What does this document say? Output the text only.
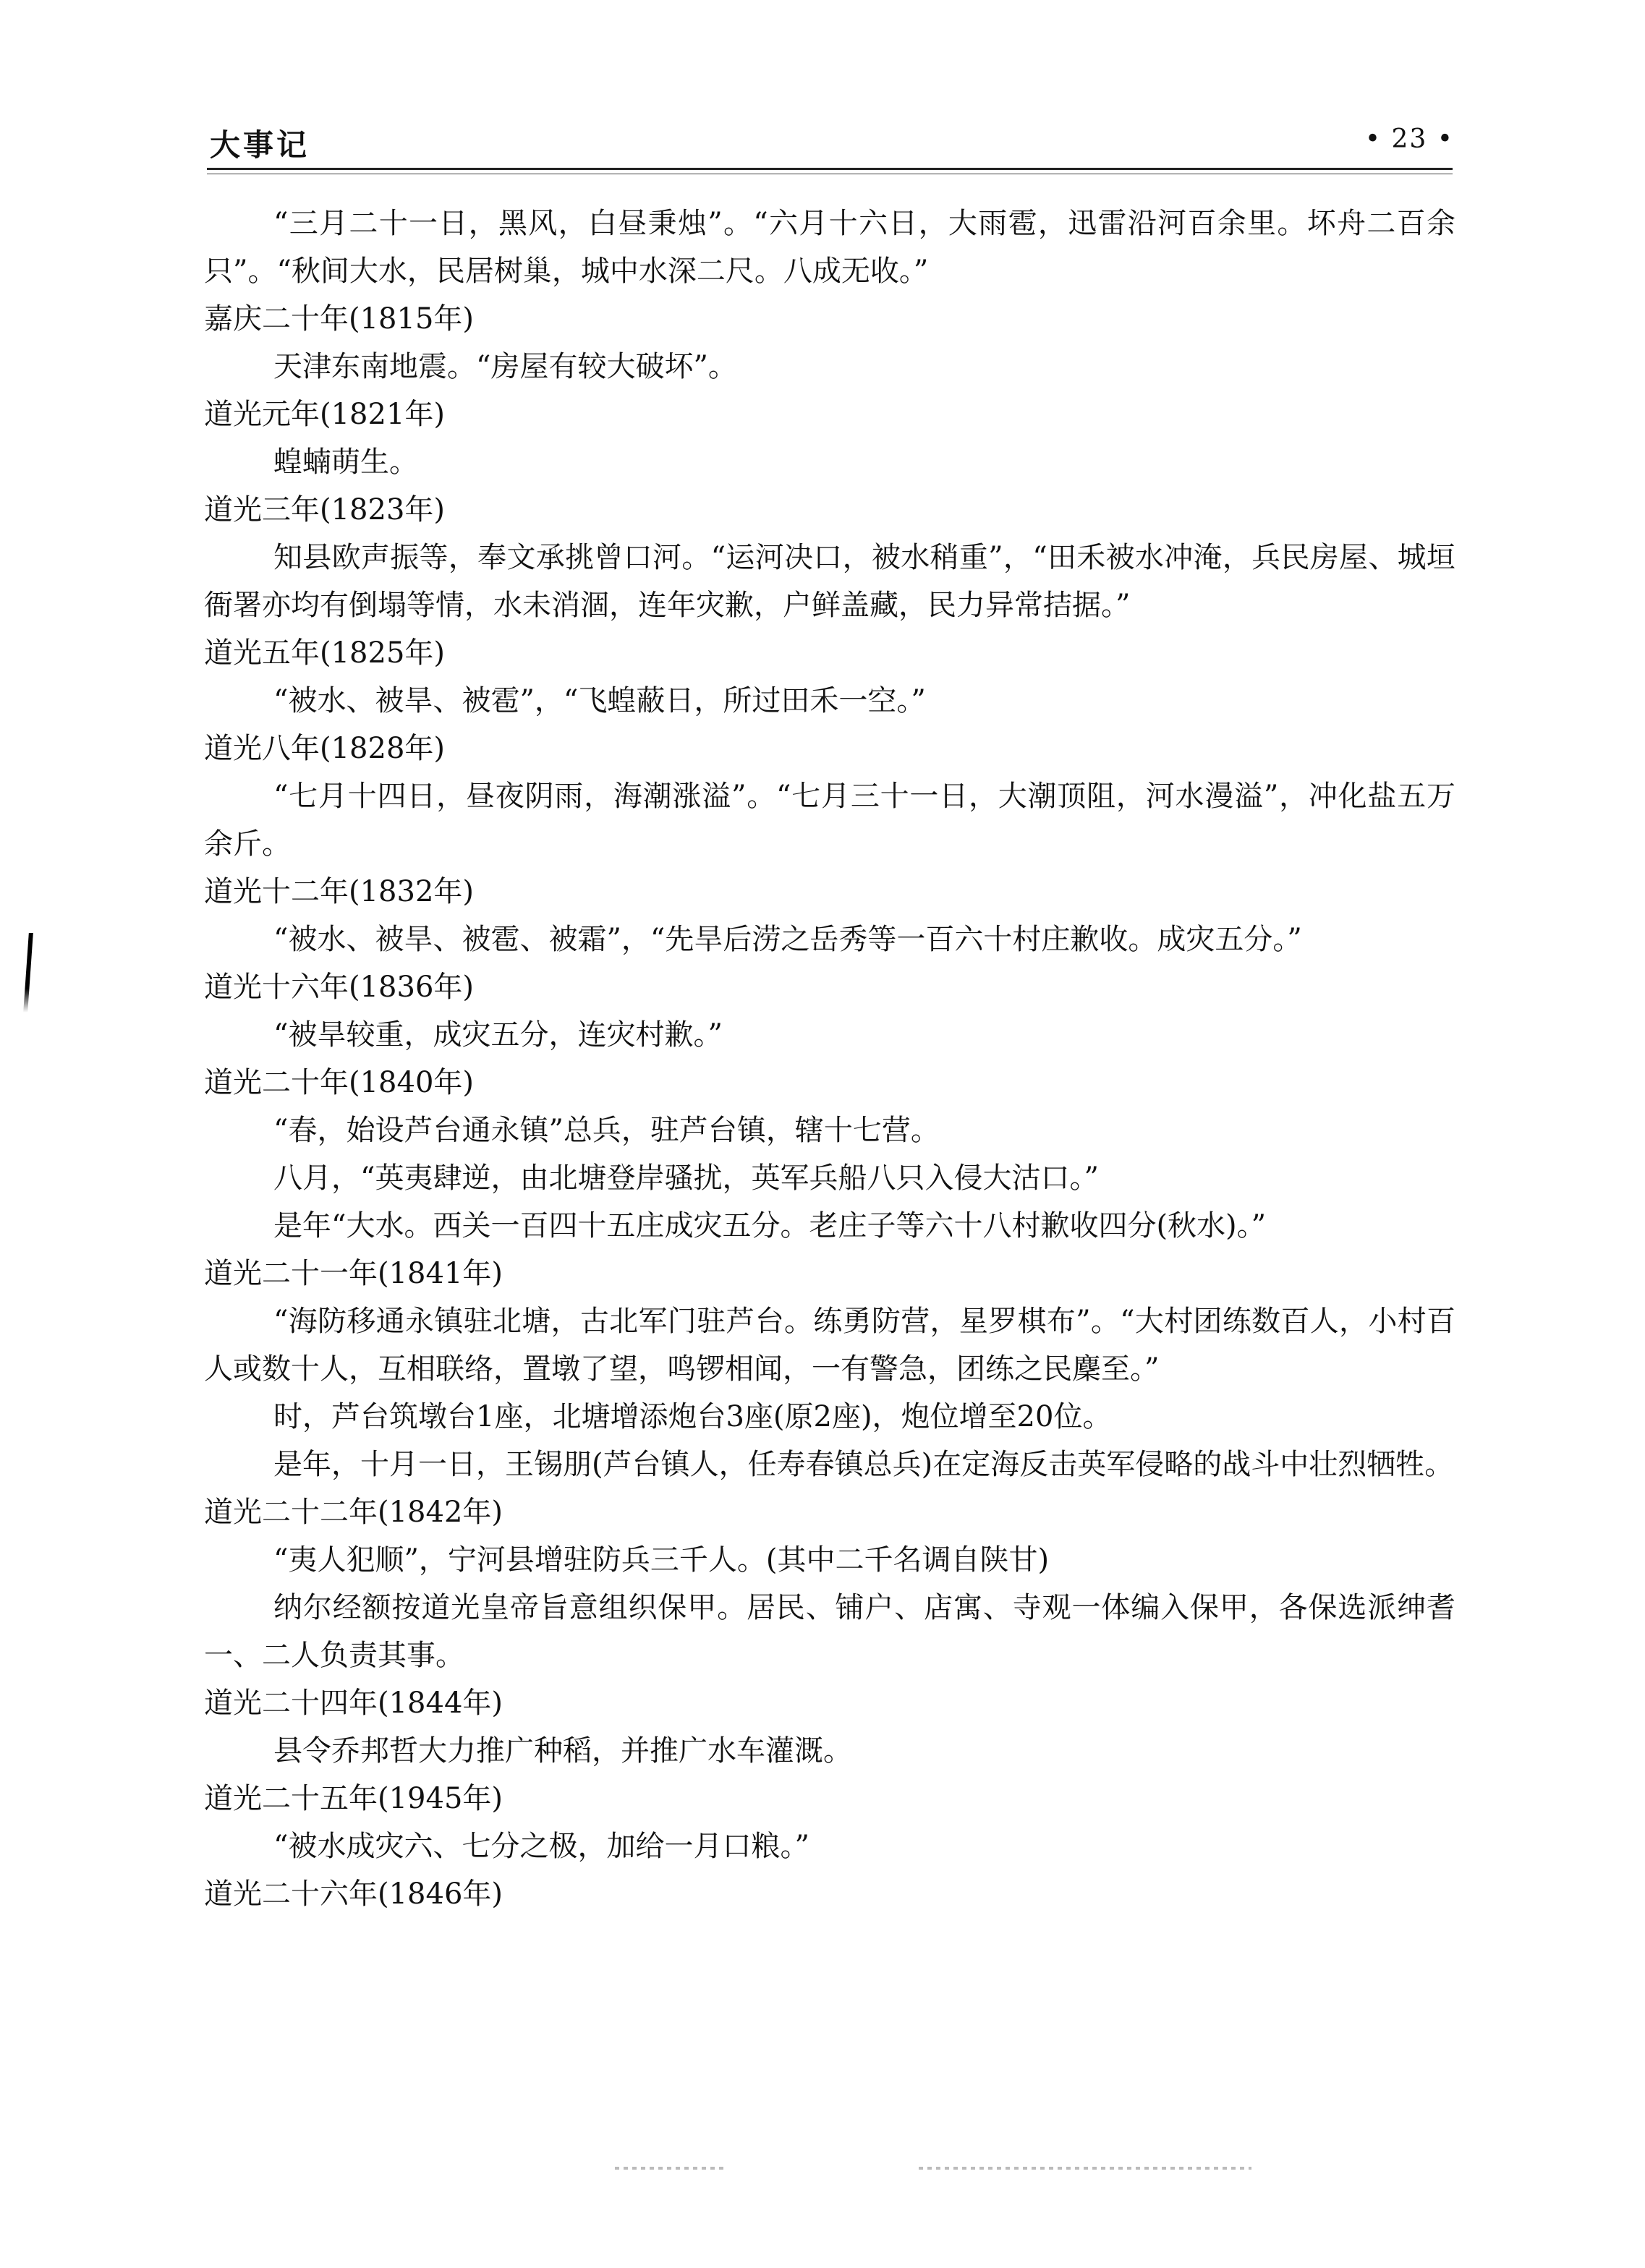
大事记	• 23 •

“三月二十一日，黑风，白昼秉烛”。“六月十六日，大雨雹，迅雷沿河百余里。坏舟二百余只”。“秋间大水，民居树巢，城中水深二尺。八成无收。”

嘉庆二十年(1815年)

天津东南地震。“房屋有较大破坏”。

道光元年(1821年)

蝗蝻萌生。

道光三年(1823年)

知县欧声振等，奉文承挑曾口河。“运河决口，被水稍重”，“田禾被水冲淹，兵民房屋、城垣衙署亦均有倒塌等情，水未消涸，连年灾歉，户鲜盖藏，民力异常拮据。”

道光五年(1825年)

“被水、被旱、被雹”，“飞蝗蔽日，所过田禾一空。”

道光八年(1828年)

“七月十四日，昼夜阴雨，海潮涨溢”。“七月三十一日，大潮顶阻，河水漫溢”，冲化盐五万余斤。

道光十二年(1832年)

“被水、被旱、被雹、被霜”，“先旱后涝之岳秀等一百六十村庄歉收。成灾五分。”

道光十六年(1836年)

“被旱较重，成灾五分，连灾村歉。”

道光二十年(1840年)

“春，始设芦台通永镇”总兵，驻芦台镇，辖十七营。

八月，“英夷肆逆，由北塘登岸骚扰，英军兵船八只入侵大沽口。”

是年“大水。西关一百四十五庄成灾五分。老庄子等六十八村歉收四分(秋水)。”

道光二十一年(1841年)

“海防移通永镇驻北塘，古北军门驻芦台。练勇防营，星罗棋布”。“大村团练数百人，小村百人或数十人，互相联络，置墩了望，鸣锣相闻，一有警急，团练之民麇至。”

时，芦台筑墩台1座，北塘增添炮台3座(原2座)，炮位增至20位。

是年，十月一日，王锡朋(芦台镇人，任寿春镇总兵)在定海反击英军侵略的战斗中壮烈牺牲。

道光二十二年(1842年)

“夷人犯顺”，宁河县增驻防兵三千人。(其中二千名调自陕甘)

纳尔经额按道光皇帝旨意组织保甲。居民、铺户、店寓、寺观一体编入保甲，各保选派绅耆一、二人负责其事。

道光二十四年(1844年)

县令乔邦哲大力推广种稻，并推广水车灌溉。

道光二十五年(1945年)

“被水成灾六、七分之极，加给一月口粮。”

道光二十六年(1846年)
